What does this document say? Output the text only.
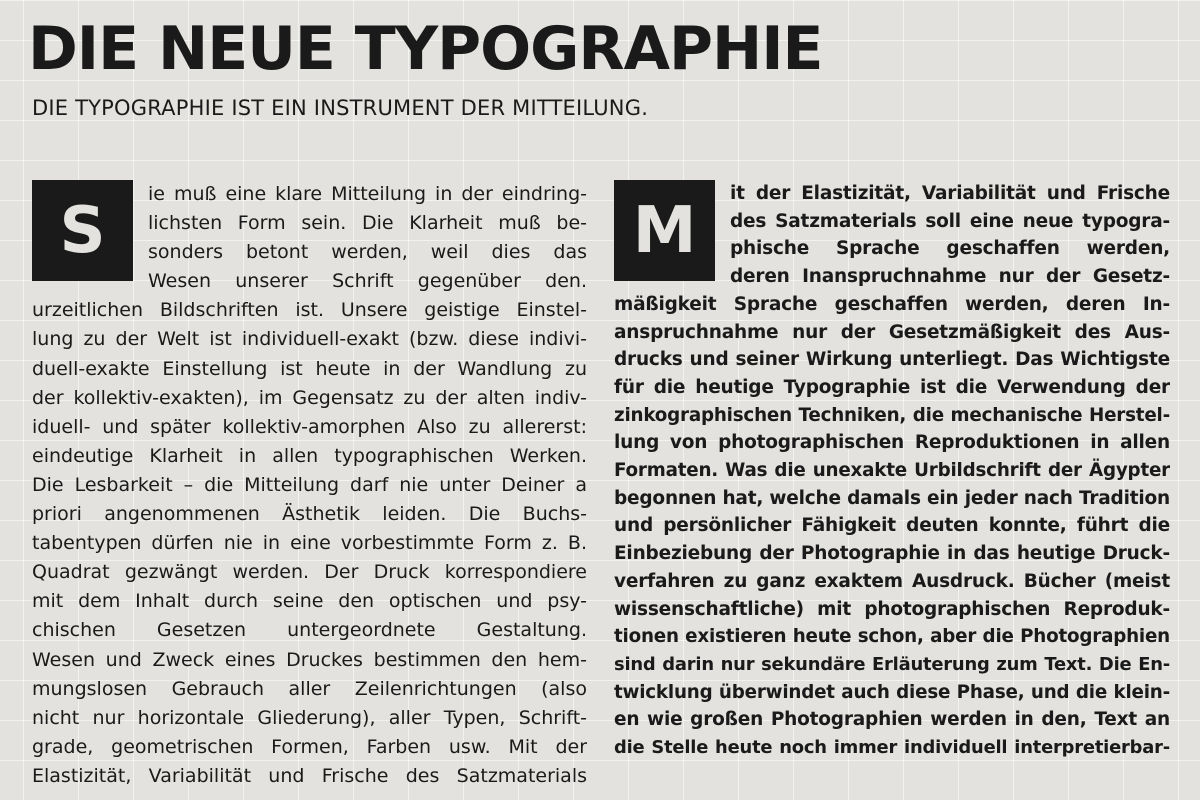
DIE NEUE TYPOGRAPHIE
DIE TYPOGRAPHIE IST EIN INSTRUMENT DER MITTEILUNG.
S	ie muß eine klare Mitteilung in der eindring-
lichsten Form sein. Die Klarheit muß be-
sonders betont werden, weil dies das
Wesen unserer Schrift gegenüber den.
urzeitlichen Bildschriften ist. Unsere geistige Einstel-
lung zu der Welt ist individuell-exakt (bzw. diese indivi-
duell-exakte Einstellung ist heute in der Wandlung zu
der kollektiv-exakten), im Gegensatz zu der alten indiv-
iduell- und später kollektiv-amorphen Also zu allererst:
eindeutige Klarheit in allen typographischen Werken.
Die Lesbarkeit – die Mitteilung darf nie unter Deiner a
priori angenommenen Ästhetik leiden. Die Buchs-
tabentypen dürfen nie in eine vorbestimmte Form z. B.
Quadrat gezwängt werden. Der Druck korrespondiere
mit dem Inhalt durch seine den optischen und psy-
chischen Gesetzen untergeordnete Gestaltung.
Wesen und Zweck eines Druckes bestimmen den hem-
mungslosen Gebrauch aller Zeilenrichtungen (also
nicht nur horizontale Gliederung), aller Typen, Schrift-
grade, geometrischen Formen, Farben usw. Mit der
Elastizität, Variabilität und Frische des Satzmaterials
M	it der Elastizität, Variabilität und Frische
des Satzmaterials soll eine neue typogra-
phische Sprache geschaffen werden,
deren Inanspruchnahme nur der Gesetz-
mäßigkeit Sprache geschaffen werden, deren In-
anspruchnahme nur der Gesetzmäßigkeit des Aus-
drucks und seiner Wirkung unterliegt. Das Wichtigste
für die heutige Typographie ist die Verwendung der
zinkographischen Techniken, die mechanische Herstel-
lung von photographischen Reproduktionen in allen
Formaten. Was die unexakte Urbildschrift der Ägypter
begonnen hat, welche damals ein jeder nach Tradition
und persönlicher Fähigkeit deuten konnte, führt die
Einbeziebung der Photographie in das heutige Druck-
verfahren zu ganz exaktem Ausdruck. Bücher (meist
wissenschaftliche) mit photographischen Reproduk-
tionen existieren heute schon, aber die Photographien
sind darin nur sekundäre Erläuterung zum Text. Die En-
twicklung überwindet auch diese Phase, und die klein-
en wie großen Photographien werden in den, Text an
die Stelle heute noch immer individuell interpretierbar-
